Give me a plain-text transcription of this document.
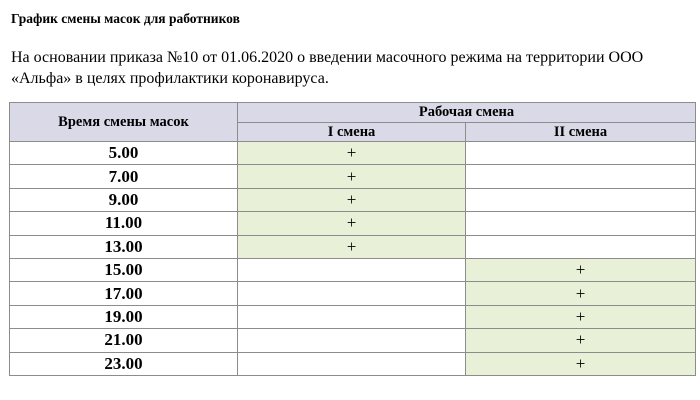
График смены масок для работников
На основании приказа №10 от 01.06.2020 о введении масочного режима на территории ООО
«Альфа» в целях профилактики коронавируса.
Время смены масок	Рабочая смена	
	I смена	II смена
5.00	+	
7.00	+	
9.00	+	
11.00	+	
13.00	+	
15.00		+
17.00		+
19.00		+
21.00		+
23.00		+
